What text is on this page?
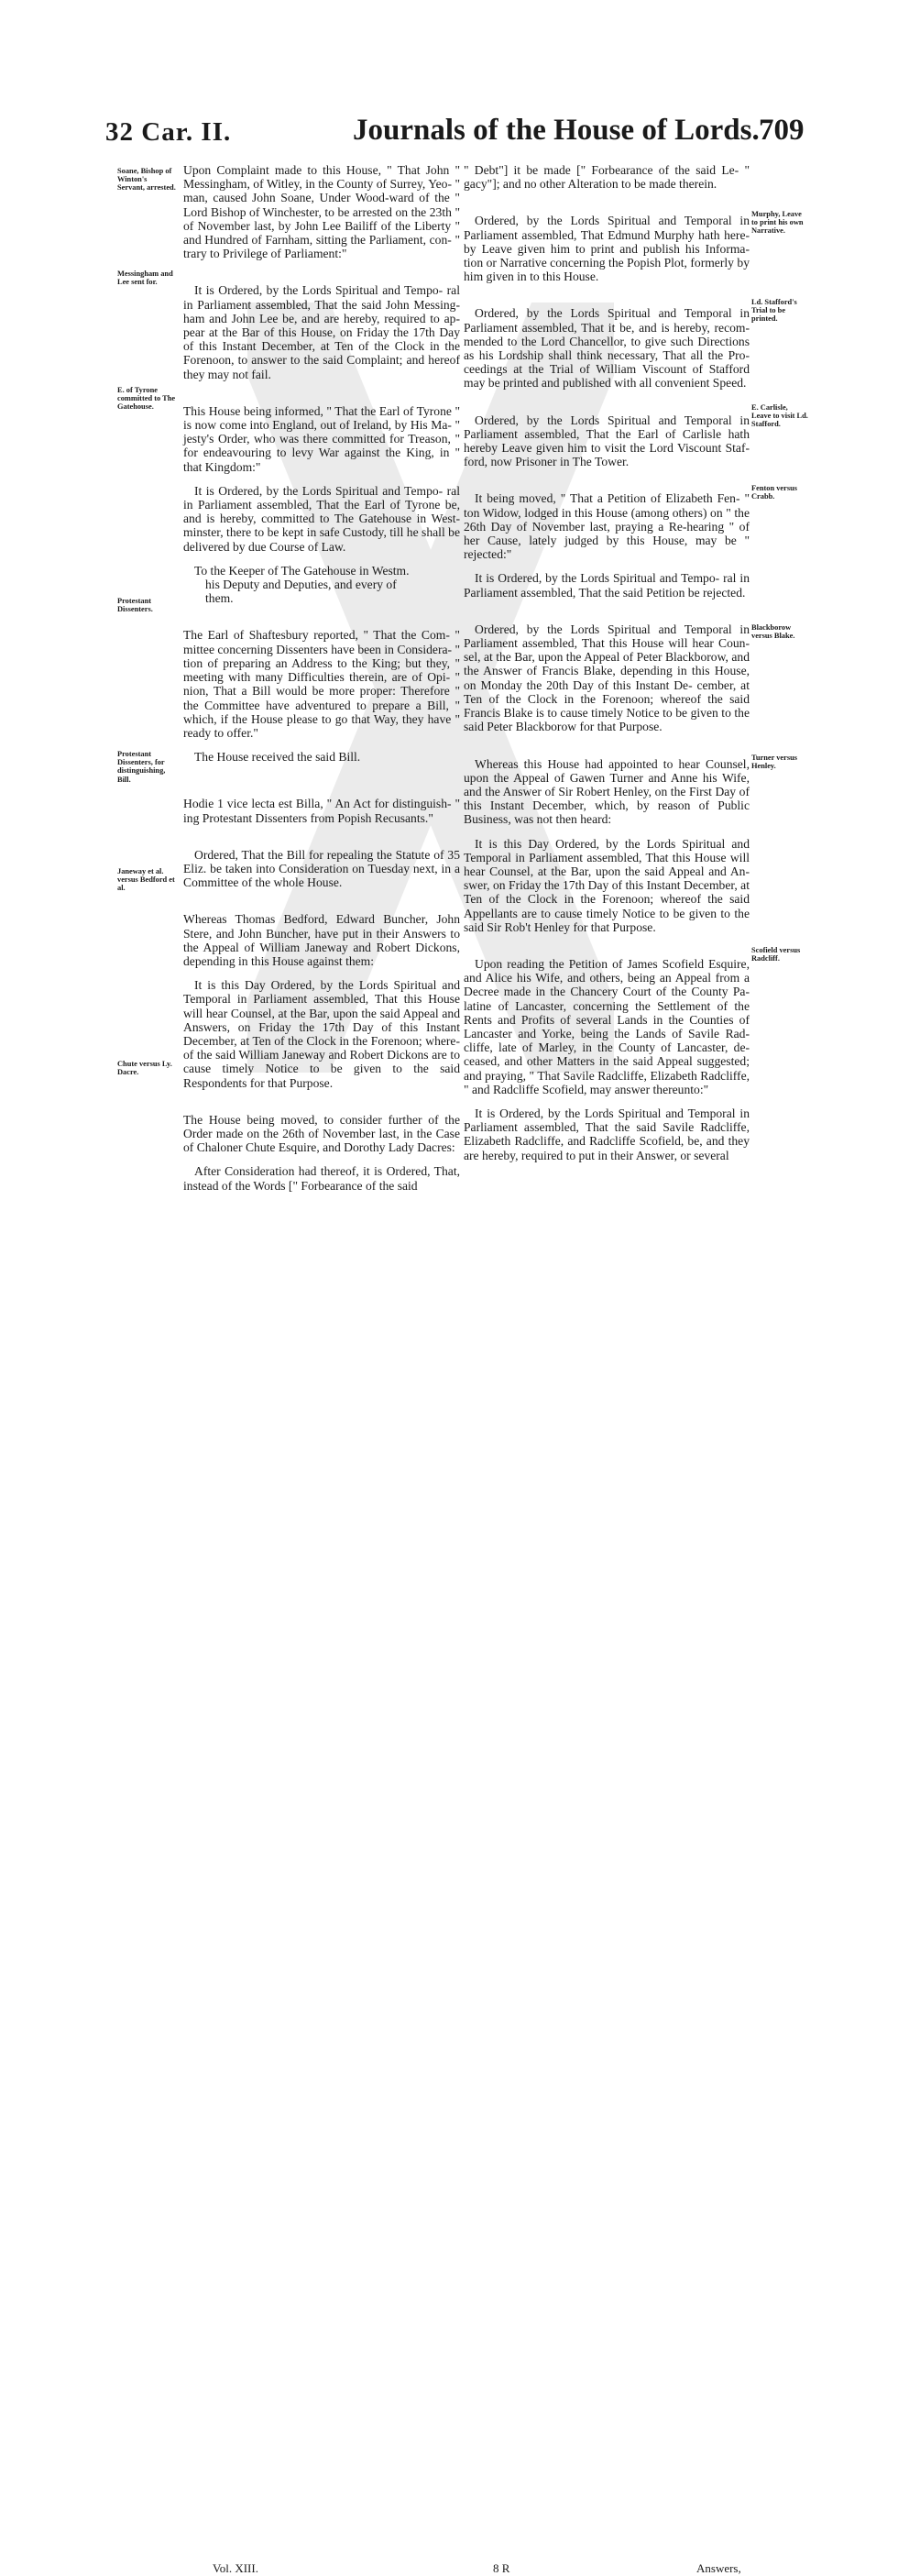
32 Car. II.	Journals of the House of Lords. 709
Soane, Bishop of Winton's Servant, arrested.
Messingham and Lee sent for.
E. of Tyrone committed to The Gatehouse.
Protestant Dissenters.
Protestant Dissenters, for distinguishing, Bill.
Janeway et al. versus Bedford et al.
Chute versus Ly. Dacre.
Murphy, Leave to print his own Narrative.
Ld. Stafford's Trial to be printed.
E. Carlisle, Leave to visit Ld. Stafford.
Fenton versus Crabb.
Blackborow versus Blake.
Turner versus Henley.
Scofield versus Radcliff.

Upon Complaint made to this House, " That John " Messingham, of Witley, in the County of Surrey, Yeo- " man, caused John Soane, Under Wood-ward of the " Lord Bishop of Winchester, to be arrested on the 23th " of November last, by John Lee Bailiff of the Liberty " and Hundred of Farnham, sitting the Parliament, con- " trary to Privilege of Parliament:"

It is Ordered, by the Lords Spiritual and Tempo- ral in Parliament assembled, That the said John Messing- ham and John Lee be, and are hereby, required to ap- pear at the Bar of this House, on Friday the 17th Day of this Instant December, at Ten of the Clock in the Forenoon, to answer to the said Complaint; and hereof they may not fail.

This House being informed, " That the Earl of Tyrone " is now come into England, out of Ireland, by His Ma- " jesty's Order, who was there committed for Treason, " for endeavouring to levy War against the King, in " that Kingdom:"

It is Ordered, by the Lords Spiritual and Tempo- ral in Parliament assembled, That the Earl of Tyrone be, and is hereby, committed to The Gatehouse in West- minster, there to be kept in safe Custody, till he shall be delivered by due Course of Law.

To the Keeper of The Gatehouse in Westm.
his Deputy and Deputies, and every of
them.

The Earl of Shaftesbury reported, " That the Com- " mittee concerning Dissenters have been in Considera- " tion of preparing an Address to the King; but they, " meeting with many Difficulties therein, are of Opi- " nion, That a Bill would be more proper: Therefore " the Committee have adventured to prepare a Bill, " which, if the House please to go that Way, they have " ready to offer."

The House received the said Bill.

Hodie 1 vice lecta est Billa, " An Act for distinguish- " ing Protestant Dissenters from Popish Recusants."

Ordered, That the Bill for repealing the Statute of 35 Eliz. be taken into Consideration on Tuesday next, in a Committee of the whole House.

Whereas Thomas Bedford, Edward Buncher, John Stere, and John Buncher, have put in their Answers to the Appeal of William Janeway and Robert Dickons, depending in this House against them:

It is this Day Ordered, by the Lords Spiritual and Temporal in Parliament assembled, That this House will hear Counsel, at the Bar, upon the said Appeal and Answers, on Friday the 17th Day of this Instant December, at Ten of the Clock in the Forenoon; where- of the said William Janeway and Robert Dickons are to cause timely Notice to be given to the said Respondents for that Purpose.

The House being moved, to consider further of the Order made on the 26th of November last, in the Case of Chaloner Chute Esquire, and Dorothy Lady Dacres:

After Consideration had thereof, it is Ordered, That, instead of the Words [" Forbearance of the said

" Debt"] it be made [" Forbearance of the said Le- " gacy"]; and no other Alteration to be made therein.

Ordered, by the Lords Spiritual and Temporal in Parliament assembled, That Edmund Murphy hath here- by Leave given him to print and publish his Informa- tion or Narrative concerning the Popish Plot, formerly by him given in to this House.

Ordered, by the Lords Spiritual and Temporal in Parliament assembled, That it be, and is hereby, recom- mended to the Lord Chancellor, to give such Directions as his Lordship shall think necessary, That all the Pro- ceedings at the Trial of William Viscount of Stafford may be printed and published with all convenient Speed.

Ordered, by the Lords Spiritual and Temporal in Parliament assembled, That the Earl of Carlisle hath hereby Leave given him to visit the Lord Viscount Staf- ford, now Prisoner in The Tower.

It being moved, " That a Petition of Elizabeth Fen- " ton Widow, lodged in this House (among others) on " the 26th Day of November last, praying a Re-hearing " of her Cause, lately judged by this House, may be " rejected:"

It is Ordered, by the Lords Spiritual and Tempo- ral in Parliament assembled, That the said Petition be rejected.

Ordered, by the Lords Spiritual and Temporal in Parliament assembled, That this House will hear Coun- sel, at the Bar, upon the Appeal of Peter Blackborow, and the Answer of Francis Blake, depending in this House, on Monday the 20th Day of this Instant De- cember, at Ten of the Clock in the Forenoon; whereof the said Francis Blake is to cause timely Notice to be given to the said Peter Blackborow for that Purpose.

Whereas this House had appointed to hear Counsel, upon the Appeal of Gawen Turner and Anne his Wife, and the Answer of Sir Robert Henley, on the First Day of this Instant December, which, by reason of Public Business, was not then heard:

It is this Day Ordered, by the Lords Spiritual and Temporal in Parliament assembled, That this House will hear Counsel, at the Bar, upon the said Appeal and An- swer, on Friday the 17th Day of this Instant December, at Ten of the Clock in the Forenoon; whereof the said Appellants are to cause timely Notice to be given to the said Sir Rob't Henley for that Purpose.

Upon reading the Petition of James Scofield Esquire, and Alice his Wife, and others, being an Appeal from a Decree made in the Chancery Court of the County Pa- latine of Lancaster, concerning the Settlement of the Rents and Profits of several Lands in the Counties of Lancaster and Yorke, being the Lands of Savile Rad- cliffe, late of Marley, in the County of Lancaster, de- ceased, and other Matters in the said Appeal suggested; and praying, " That Savile Radcliffe, Elizabeth Radcliffe, " and Radcliffe Scofield, may answer thereunto:"

It is Ordered, by the Lords Spiritual and Temporal in Parliament assembled, That the said Savile Radcliffe, Elizabeth Radcliffe, and Radcliffe Scofield, be, and they are hereby, required to put in their Answer, or several

Vol. XIII.	8 R	Answers,
